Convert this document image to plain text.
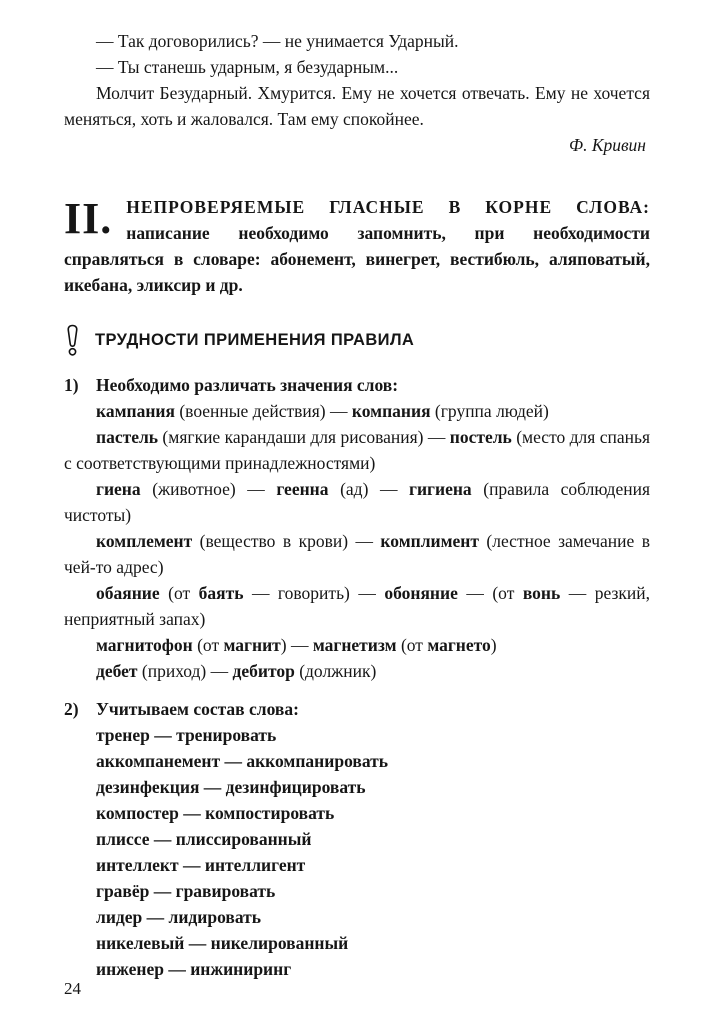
— Так договорились? — не унимается Ударный.

— Ты станешь ударным, я безударным...

Молчит Безударный. Хмурится. Ему не хочется отвечать. Ему не хочется меняться, хоть и жаловался. Там ему спокойнее.

Ф. Кривин

II. НЕПРОВЕРЯЕМЫЕ ГЛАСНЫЕ В КОРНЕ СЛОВА:
написание необходимо запомнить, при необходимости справляться в словаре: абонемент, винегрет, вестибюль, аляповатый, икебана, эликсир и др.
ТРУДНОСТИ ПРИМЕНЕНИЯ ПРАВИЛА
1) Необходимо различать значения слов:

кампания (военные действия) — компания (группа людей)

пастель (мягкие карандаши для рисования) — постель (место для спанья с соответствующими принадлежностями)

гиена (животное) — геенна (ад) — гигиена (правила соблюдения чистоты)

комплемент (вещество в крови) — комплимент (лестное замечание в чей-то адрес)

обаяние (от баять — говорить) — обоняние — (от вонь — резкий, неприятный запах)

магнитофон (от магнит) — магнетизм (от магнето)

дебет (приход) — дебитор (должник)

2) Учитываем состав слова:

тренер — тренировать

аккомпанемент — аккомпанировать

дезинфекция — дезинфицировать

компостер — компостировать

плиссе — плиссированный

интеллект — интеллигент

гравёр — гравировать

лидер — лидировать

никелевый — никелированный

инженер — инжиниринг

24
